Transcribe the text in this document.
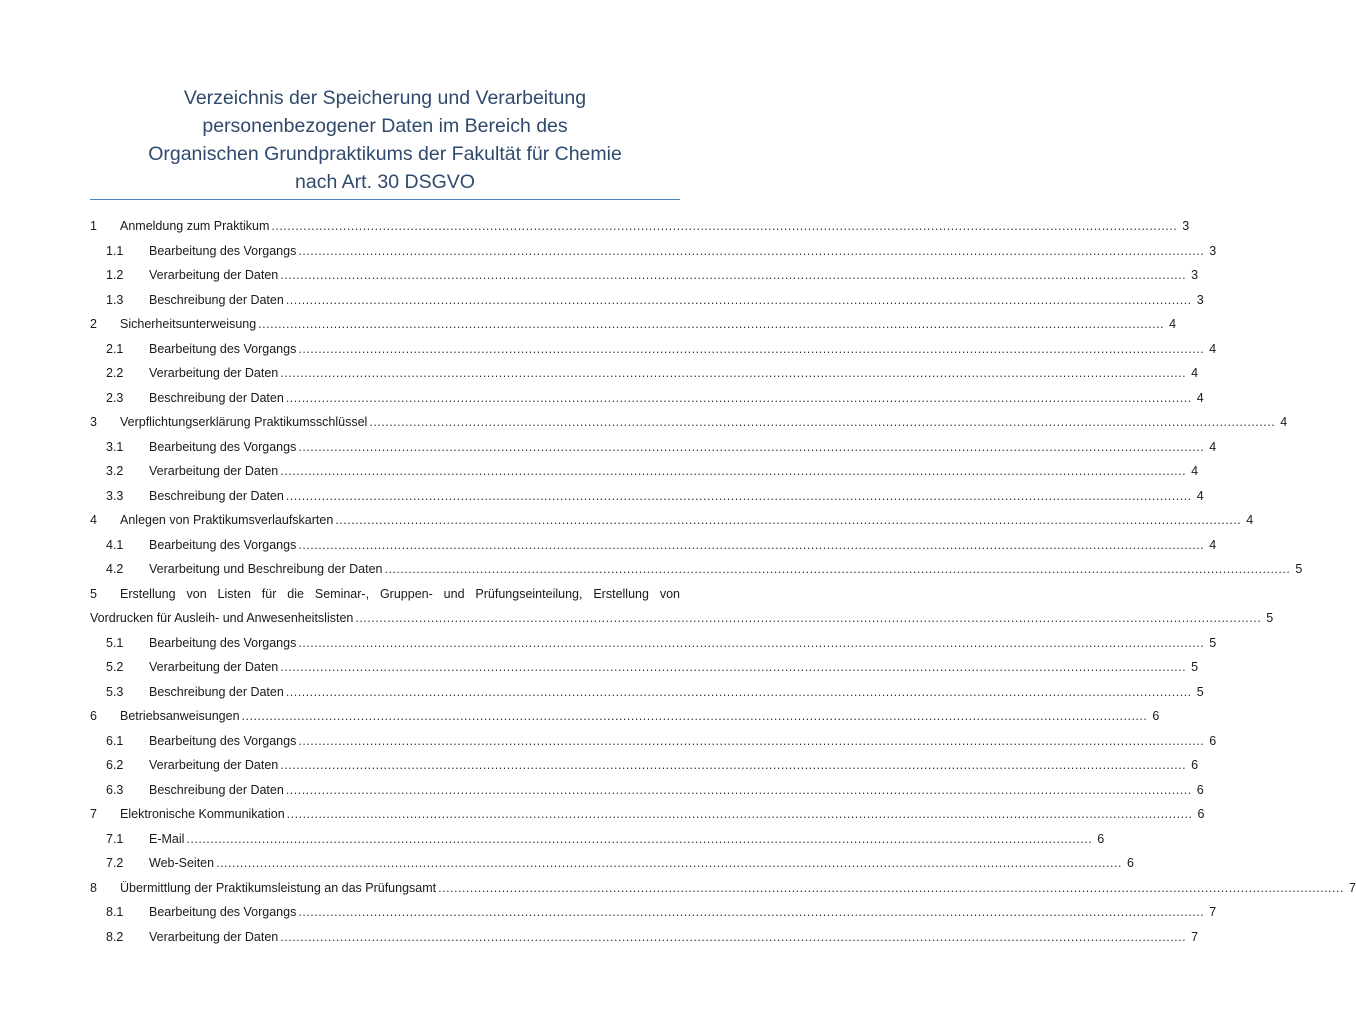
Verzeichnis der Speicherung und Verarbeitung
personenbezogener Daten im Bereich des
Organischen Grundpraktikums der Fakultät für Chemie
nach Art. 30 DSGVO
1	Anmeldung zum Praktikum .....	3
1.1	Bearbeitung des Vorgangs .....	3
1.2	Verarbeitung der Daten .....	3
1.3	Beschreibung der Daten .....	3
2	Sicherheitsunterweisung .....	4
2.1	Bearbeitung des Vorgangs .....	4
2.2	Verarbeitung der Daten .....	4
2.3	Beschreibung der Daten .....	4
3	Verpflichtungserklärung Praktikumsschlüssel .....	4
3.1	Bearbeitung des Vorgangs .....	4
3.2	Verarbeitung der Daten .....	4
3.3	Beschreibung der Daten .....	4
4	Anlegen von Praktikumsverlaufskarten .....	4
4.1	Bearbeitung des Vorgangs .....	4
4.2	Verarbeitung und Beschreibung der Daten .....	5
5	Erstellung von Listen für die Seminar-, Gruppen- und Prüfungseinteilung, Erstellung von
Vordrucken für Ausleih- und Anwesenheitslisten .....	5
5.1	Bearbeitung des Vorgangs .....	5
5.2	Verarbeitung der Daten .....	5
5.3	Beschreibung der Daten .....	5
6	Betriebsanweisungen .....	6
6.1	Bearbeitung des Vorgangs .....	6
6.2	Verarbeitung der Daten .....	6
6.3	Beschreibung der Daten .....	6
7	Elektronische Kommunikation .....	6
7.1	E-Mail .....	6
7.2	Web-Seiten .....	6
8	Übermittlung der Praktikumsleistung an das Prüfungsamt .....	7
8.1	Bearbeitung des Vorgangs .....	7
8.2	Verarbeitung der Daten .....	7
